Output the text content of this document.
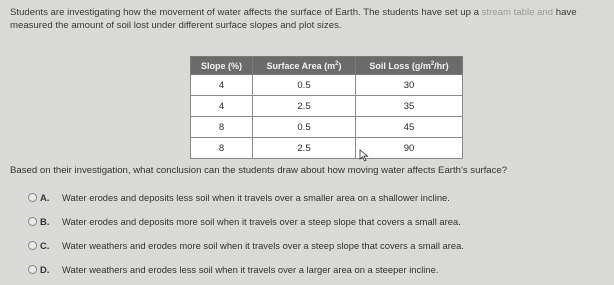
Students are investigating how the movement of water affects the surface of Earth. The students have set up a stream table and have measured the amount of soil lost under different surface slopes and plot sizes.
Slope (%)	Surface Area $(m^2)$	Soil Loss $(g/m^2/hr)$
4	0.5	30
4	2.5	35
8	0.5	45
8	2.5	90
Based on their investigation, what conclusion can the students draw about how moving water affects Earth's surface?
A. Water erodes and deposits less soil when it travels over a smaller area on a shallower incline.
B. Water erodes and deposits more soil when it travels over a steep slope that covers a small area.
C. Water weathers and erodes more soil when it travels over a steep slope that covers a small area.
D. Water weathers and erodes less soil when it travels over a larger area on a steeper incline.
